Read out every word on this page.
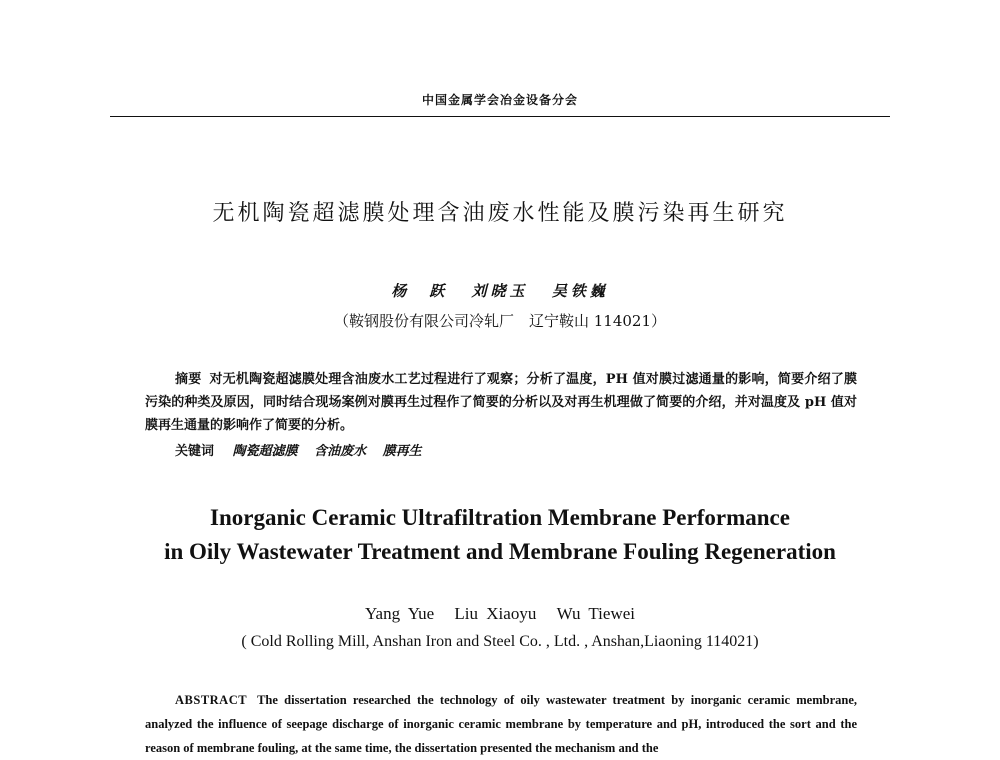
中国金属学会冶金设备分会
无机陶瓷超滤膜处理含油废水性能及膜污染再生研究
杨　跃 刘晓玉 吴铁巍
（鞍钢股份有限公司冷轧厂　辽宁鞍山 114021）
摘要 对无机陶瓷超滤膜处理含油废水工艺过程进行了观察；分析了温度，PH 值对膜过滤通量的影响，简要介绍了膜污染的种类及原因，同时结合现场案例对膜再生过程作了简要的分析以及对再生机理做了简要的介绍，并对温度及 pH 值对膜再生通量的影响作了简要的分析。
关键词 陶瓷超滤膜 含油废水 膜再生
Inorganic Ceramic Ultrafiltration Membrane Performance
in Oily Wastewater Treatment and Membrane Fouling Regeneration
Yang Yue Liu Xiaoyu Wu Tiewei
( Cold Rolling Mill, Anshan Iron and Steel Co. , Ltd. , Anshan,Liaoning 114021)
ABSTRACT The dissertation researched the technology of oily wastewater treatment by inorganic ceramic membrane, analyzed the influence of seepage discharge of inorganic ceramic membrane by temperature and pH, introduced the sort and the reason of membrane fouling, at the same time, the dissertation presented the mechanism and the
